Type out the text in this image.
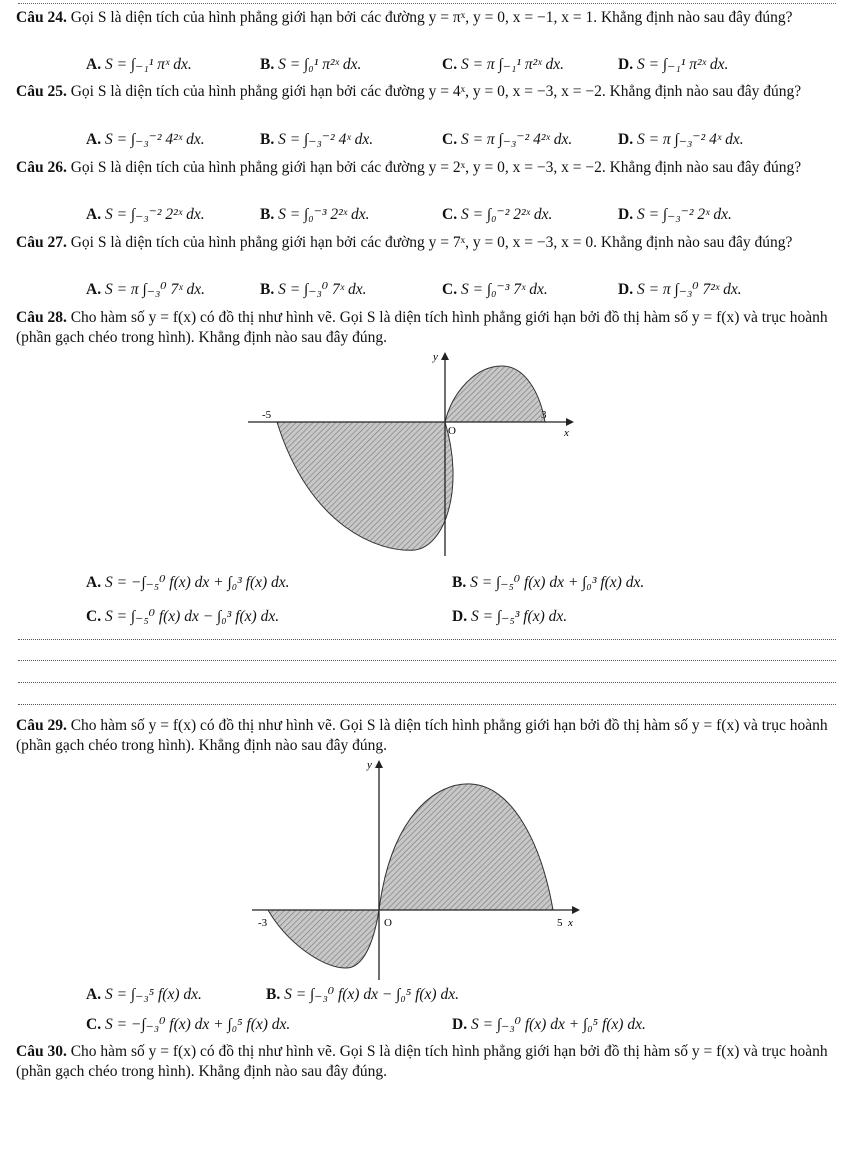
Câu 24. Gọi S là diện tích của hình phẳng giới hạn bởi các đường y = πˣ, y = 0, x = −1, x = 1. Khẳng định nào sau đây đúng?
A. S = ∫₋₁¹ πˣ dx.	B. S = ∫₀¹ π²ˣ dx.	C. S = π ∫₋₁¹ π²ˣ dx.	D. S = ∫₋₁¹ π²ˣ dx.
Câu 25. Gọi S là diện tích của hình phẳng giới hạn bởi các đường y = 4ˣ, y = 0, x = −3, x = −2. Khẳng định nào sau đây đúng?
A. S = ∫₋₃⁻² 4²ˣ dx.	B. S = ∫₋₃⁻² 4ˣ dx.	C. S = π ∫₋₃⁻² 4²ˣ dx.	D. S = π ∫₋₃⁻² 4ˣ dx.
Câu 26. Gọi S là diện tích của hình phẳng giới hạn bởi các đường y = 2ˣ, y = 0, x = −3, x = −2. Khẳng định nào sau đây đúng?
A. S = ∫₋₃⁻² 2²ˣ dx.	B. S = ∫₀⁻³ 2²ˣ dx.	C. S = ∫₀⁻² 2²ˣ dx.	D. S = ∫₋₃⁻² 2ˣ dx.
Câu 27. Gọi S là diện tích của hình phẳng giới hạn bởi các đường y = 7ˣ, y = 0, x = −3, x = 0. Khẳng định nào sau đây đúng?
A. S = π ∫₋₃⁰ 7ˣ dx.	B. S = ∫₋₃⁰ 7ˣ dx.	C. S = ∫₀⁻³ 7ˣ dx.	D. S = π ∫₋₃⁰ 7²ˣ dx.
Câu 28. Cho hàm số y = f(x) có đồ thị như hình vẽ. Gọi S là diện tích hình phẳng giới hạn bởi đồ thị hàm số y = f(x) và trục hoành (phần gạch chéo trong hình). Khẳng định nào sau đây đúng.
y
x
-5
O
3
A. S = −∫₋₅⁰ f(x) dx + ∫₀³ f(x) dx.	B. S = ∫₋₅⁰ f(x) dx + ∫₀³ f(x) dx.
C. S = ∫₋₅⁰ f(x) dx − ∫₀³ f(x) dx.	D. S = ∫₋₅³ f(x) dx.
Câu 29. Cho hàm số y = f(x) có đồ thị như hình vẽ. Gọi S là diện tích hình phẳng giới hạn bởi đồ thị hàm số y = f(x) và trục hoành (phần gạch chéo trong hình). Khẳng định nào sau đây đúng.
y
x
-3	O	5
A. S = ∫₋₃⁵ f(x) dx.	B. S = ∫₋₃⁰ f(x) dx − ∫₀⁵ f(x) dx.
C. S = −∫₋₃⁰ f(x) dx + ∫₀⁵ f(x) dx.	D. S = ∫₋₃⁰ f(x) dx + ∫₀⁵ f(x) dx.
Câu 30. Cho hàm số y = f(x) có đồ thị như hình vẽ. Gọi S là diện tích hình phẳng giới hạn bởi đồ thị hàm số y = f(x) và trục hoành (phần gạch chéo trong hình). Khẳng định nào sau đây đúng.
